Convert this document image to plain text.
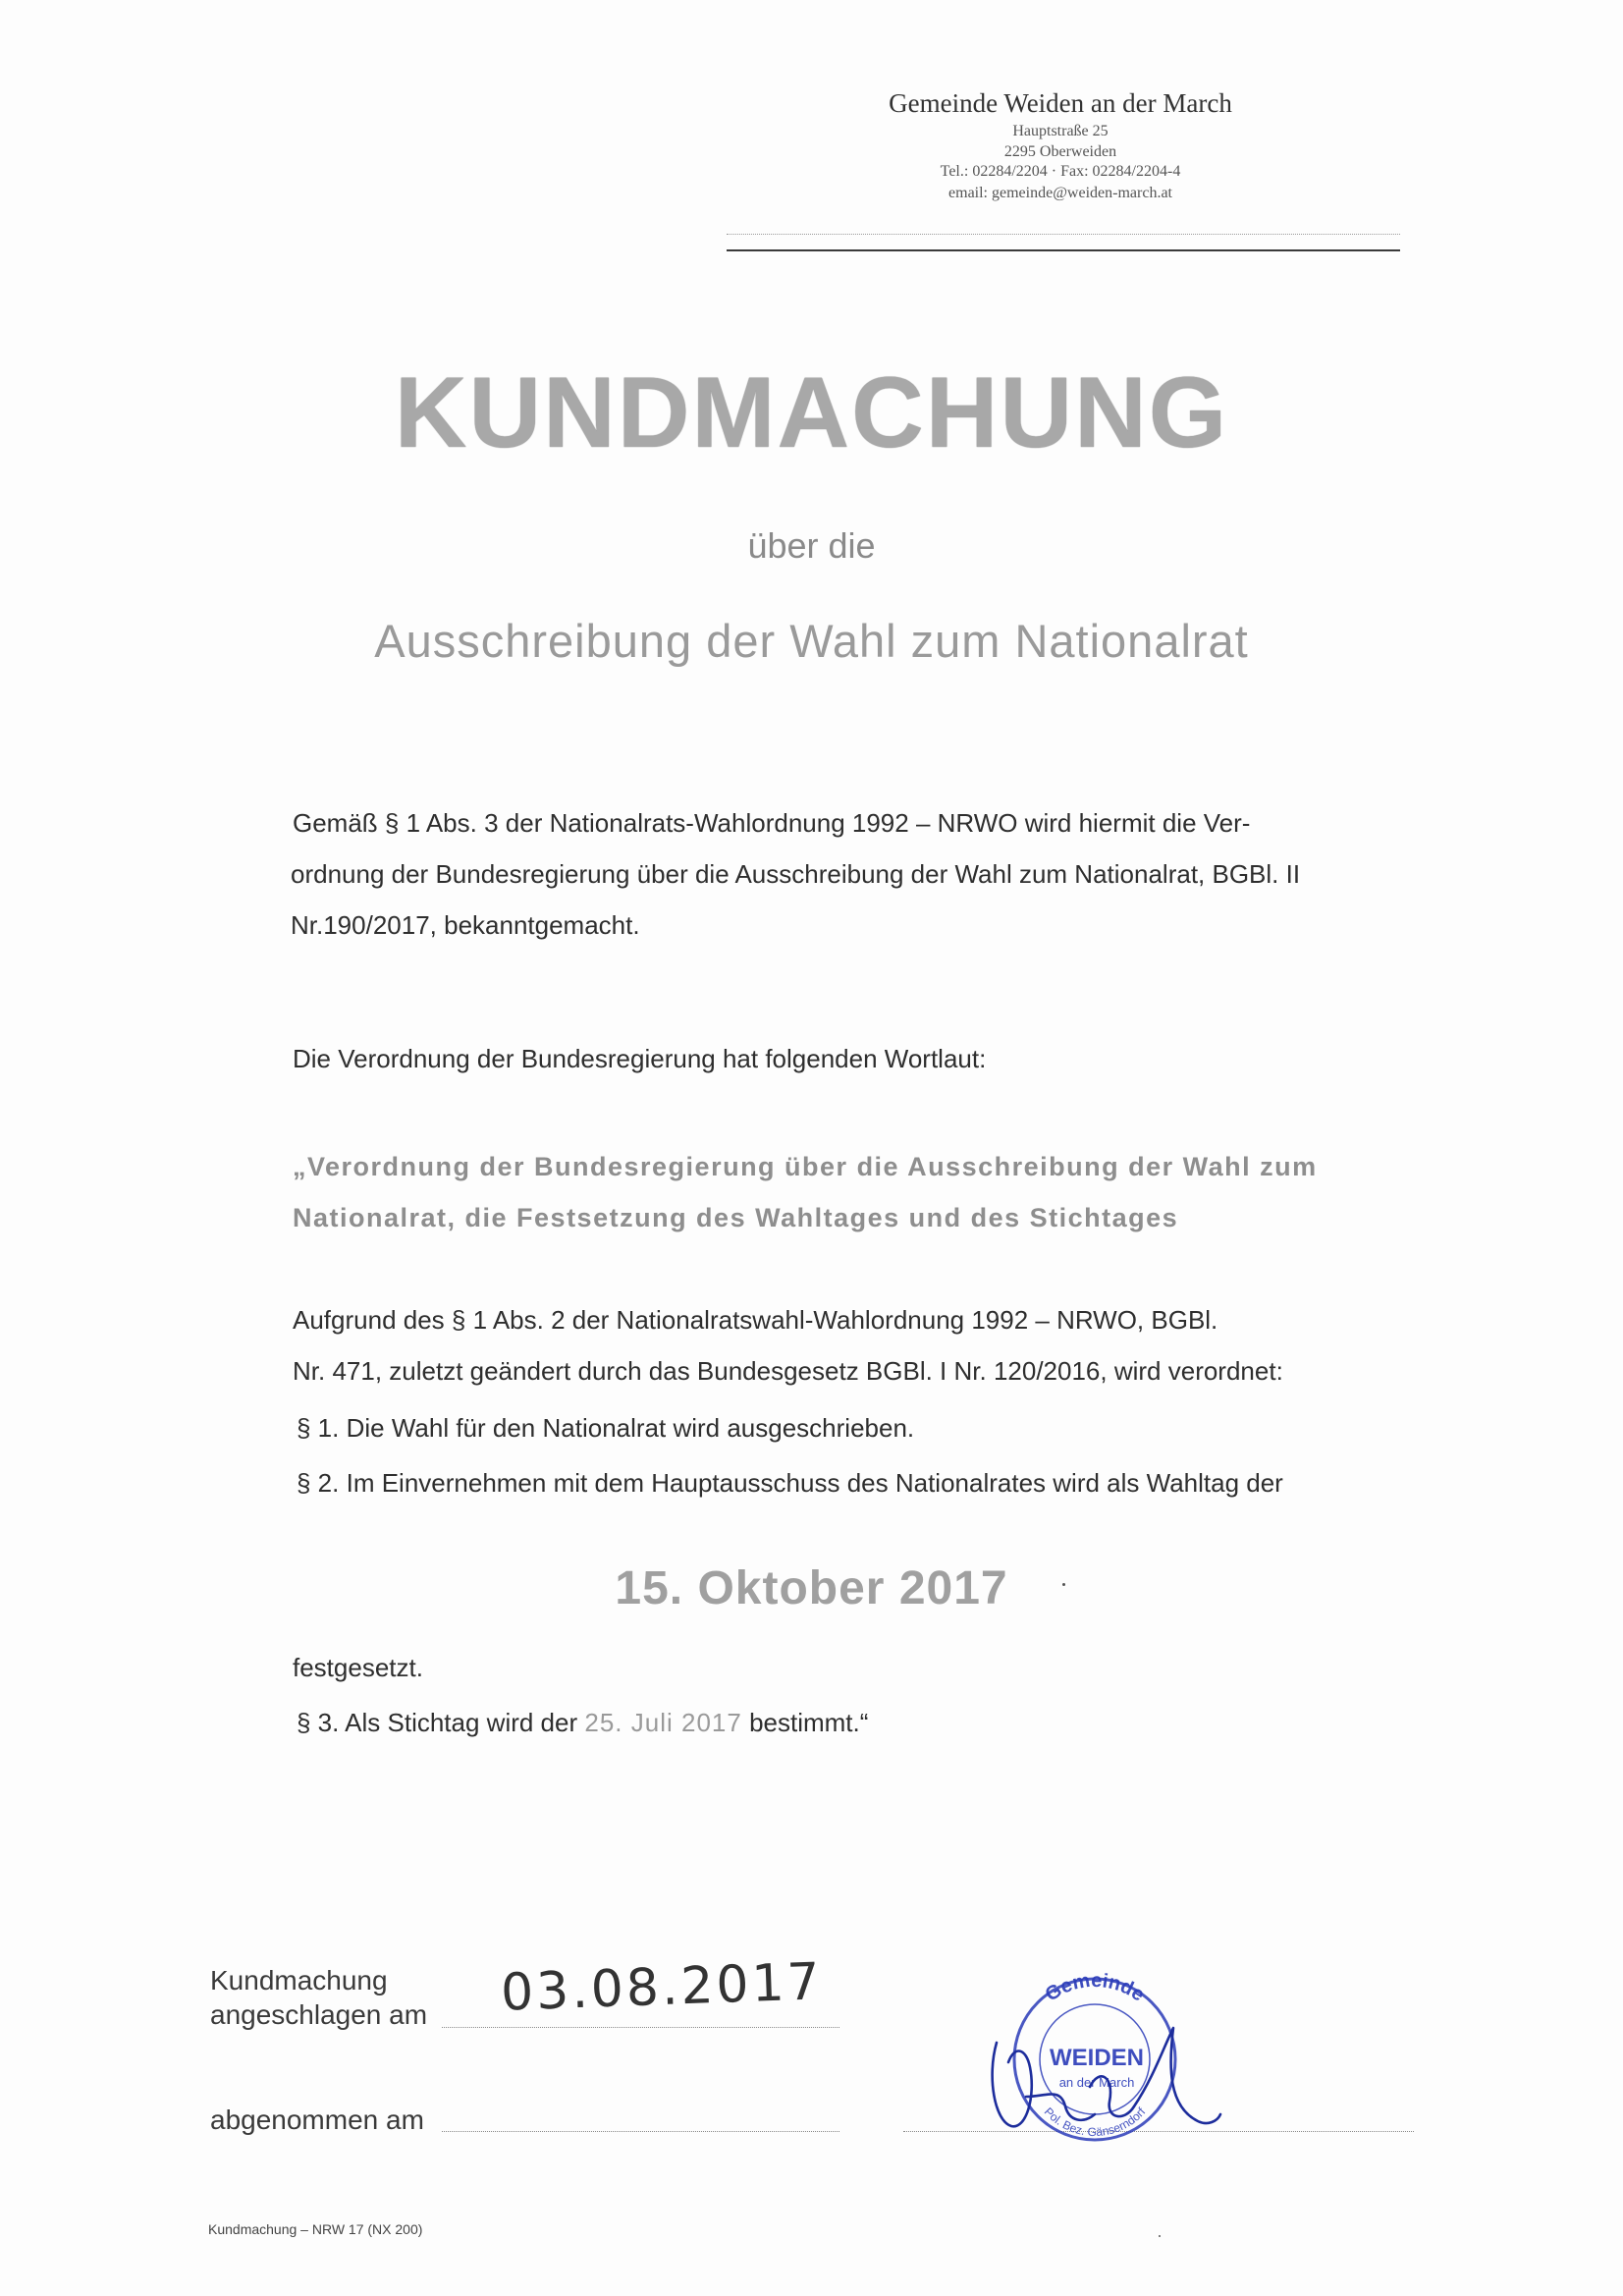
Gemeinde Weiden an der March
Hauptstraße 25
2295 Oberweiden
Tel.: 02284/2204 · Fax: 02284/2204-4
email: gemeinde@weiden-march.at
KUNDMACHUNG
über die
Ausschreibung der Wahl zum Nationalrat
Gemäß § 1 Abs. 3 der Nationalrats-Wahlordnung 1992 – NRWO wird hiermit die Ver-
ordnung der Bundesregierung über die Ausschreibung der Wahl zum Nationalrat, BGBl. II
Nr.190/2017, bekanntgemacht.
Die Verordnung der Bundesregierung hat folgenden Wortlaut:
„Verordnung der Bundesregierung über die Ausschreibung der Wahl zum
Nationalrat, die Festsetzung des Wahltages und des Stichtages
Aufgrund des § 1 Abs. 2 der Nationalratswahl-Wahlordnung 1992 – NRWO, BGBl.
Nr. 471, zuletzt geändert durch das Bundesgesetz BGBl. I Nr. 120/2016, wird verordnet:
§ 1. Die Wahl für den Nationalrat wird ausgeschrieben.
§ 2. Im Einvernehmen mit dem Hauptausschuss des Nationalrates wird als Wahltag der
15. Oktober 2017
festgesetzt.
§ 3. Als Stichtag wird der 25. Juli 2017 bestimmt.“
Kundmachung
angeschlagen am 03.08.2017
abgenommen am
Gemeinde
WEIDEN
an der March
Pol. Bez. Gänserndorf
Kundmachung – NRW 17 (NX 200)
